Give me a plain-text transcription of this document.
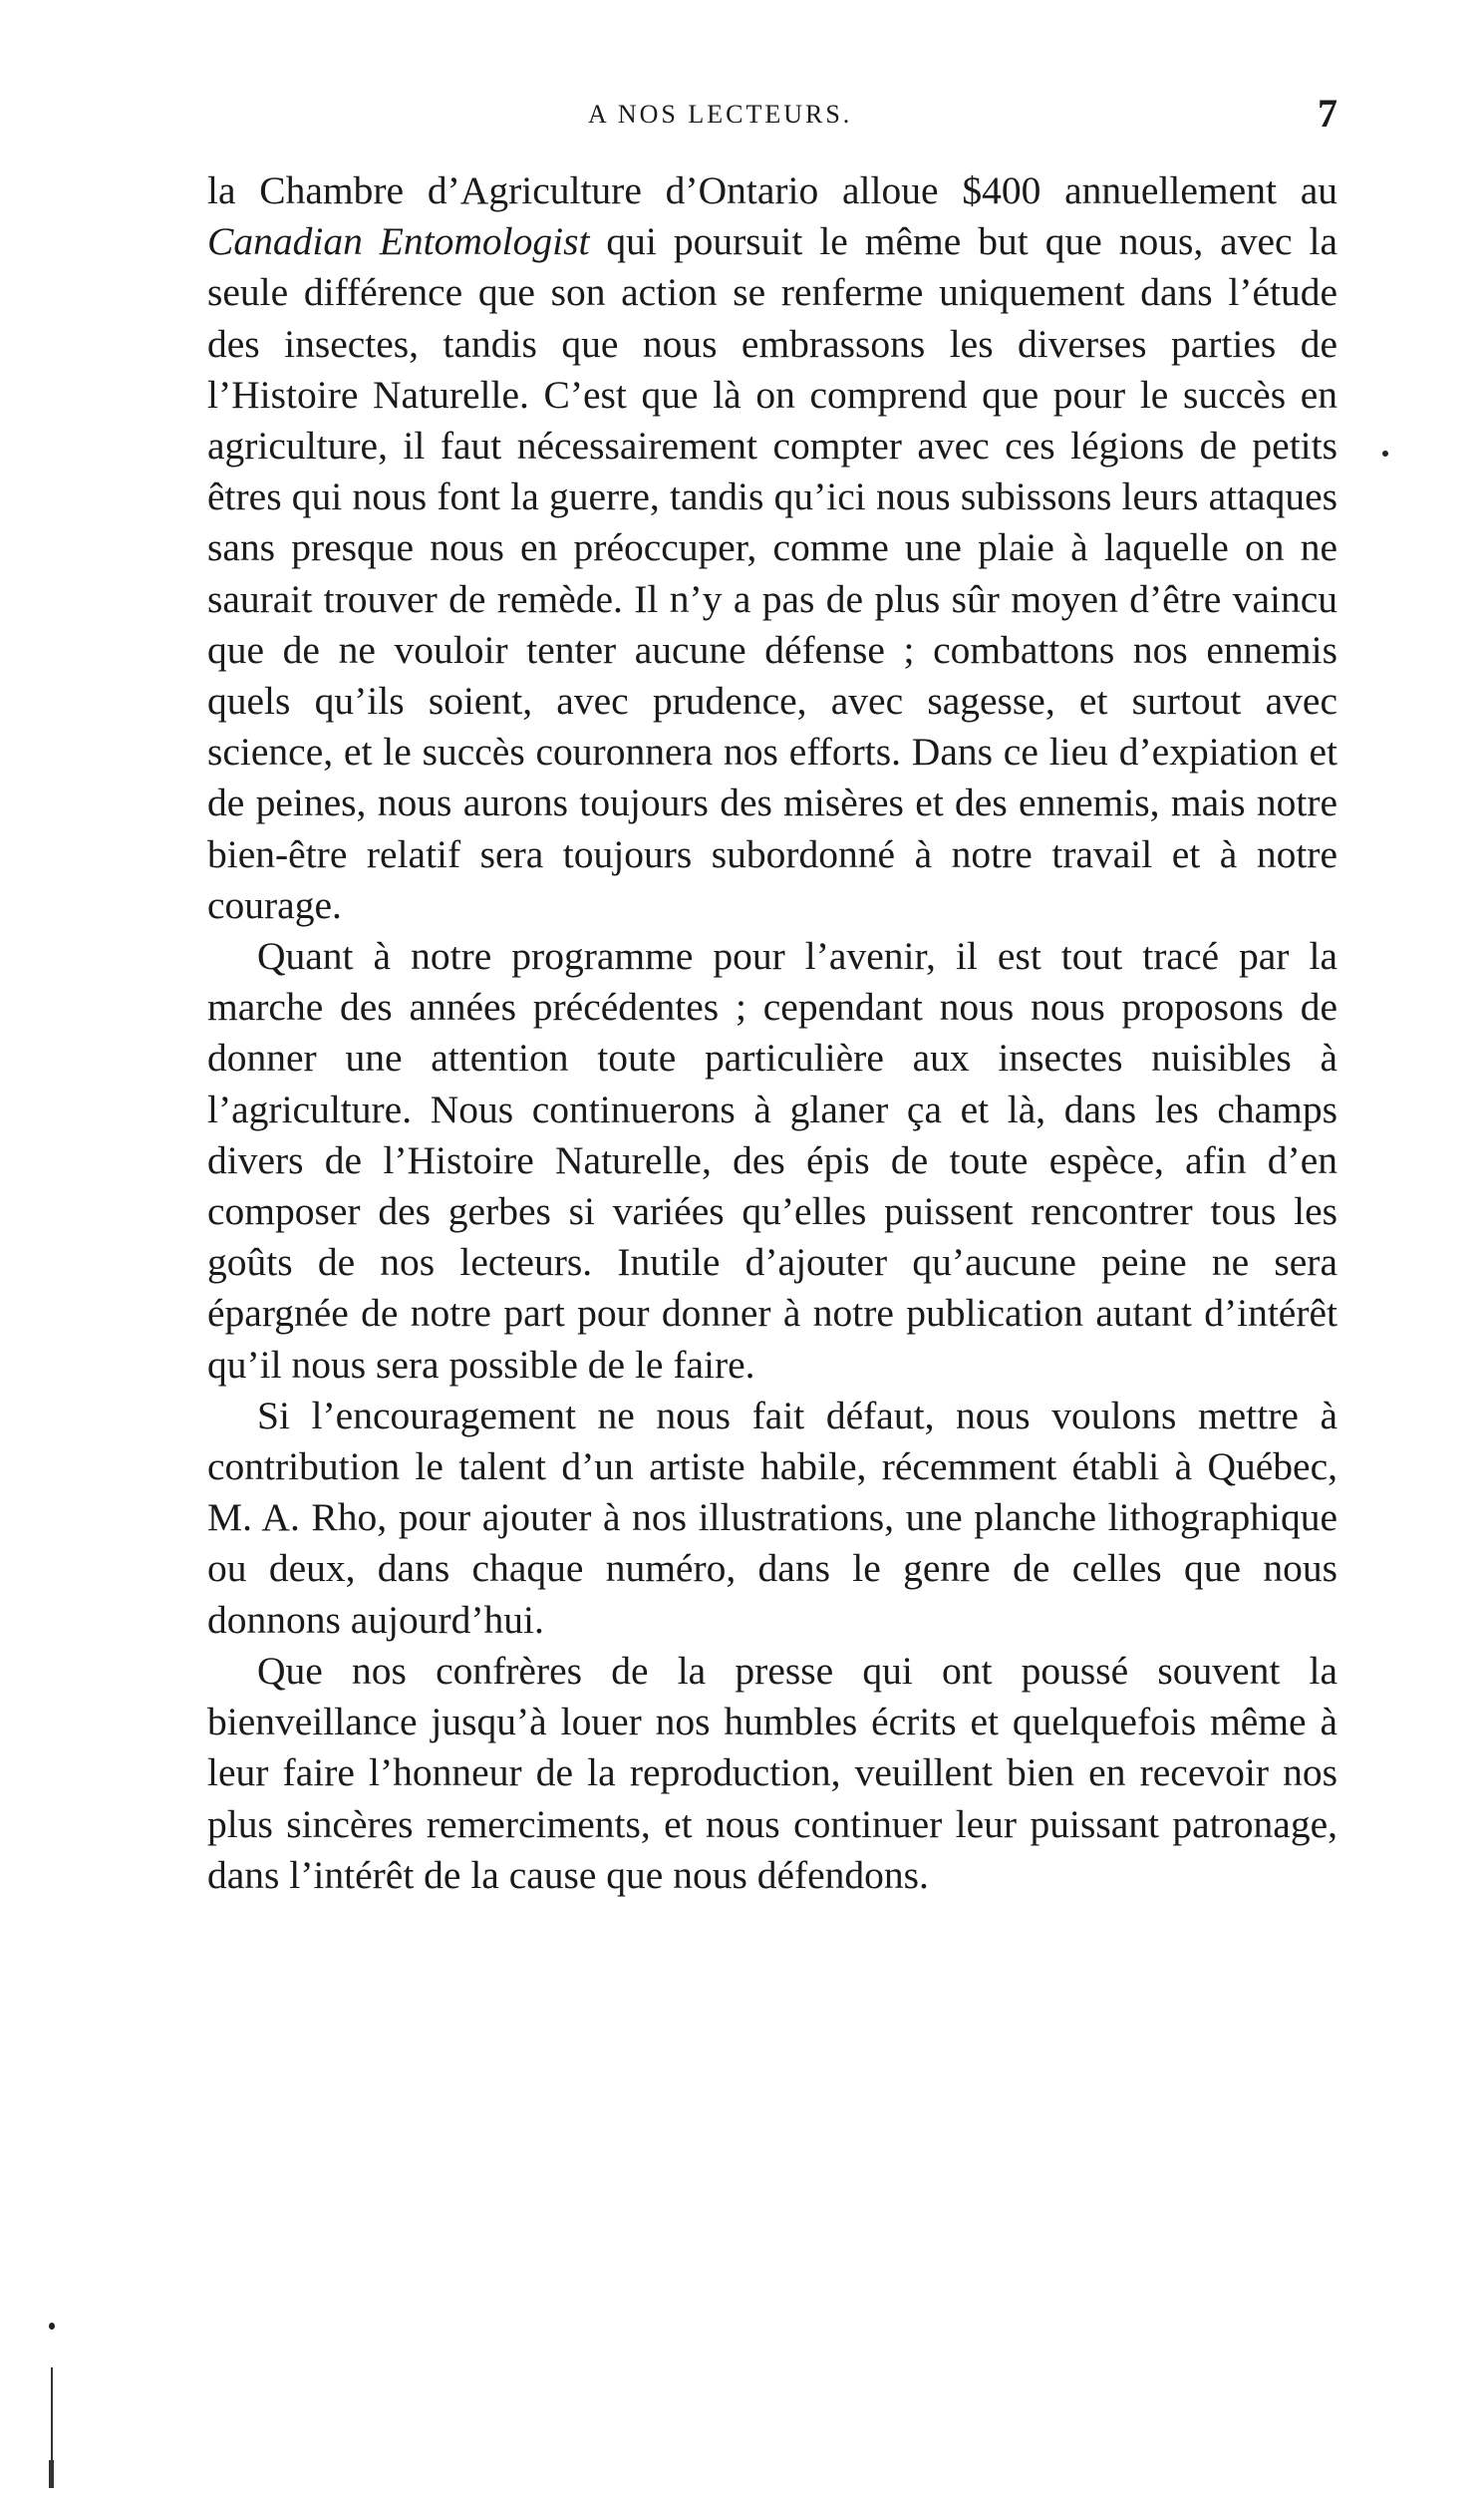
A NOS LECTEURS.	7

la Chambre d’Agriculture d’Ontario alloue $400 annuellement au Canadian Entomologist qui poursuit le même but que nous, avec la seule différence que son action se renferme uniquement dans l’étude des insectes, tandis que nous embrassons les diverses parties de l’Histoire Naturelle. C’est que là on comprend que pour le succès en agriculture, il faut nécessairement compter avec ces légions de petits êtres qui nous font la guerre, tandis qu’ici nous subissons leurs attaques sans presque nous en préoccuper, comme une plaie à laquelle on ne saurait trouver de remède. Il n’y a pas de plus sûr moyen d’être vaincu que de ne vouloir tenter aucune défense ; combattons nos ennemis quels qu’ils soient, avec prudence, avec sagesse, et surtout avec science, et le succès couronnera nos efforts. Dans ce lieu d’expiation et de peines, nous aurons toujours des misères et des ennemis, mais notre bien-être relatif sera toujours subordonné à notre travail et à notre courage.

Quant à notre programme pour l’avenir, il est tout tracé par la marche des années précédentes ; cependant nous nous proposons de donner une attention toute particulière aux insectes nuisibles à l’agriculture. Nous continuerons à glaner ça et là, dans les champs divers de l’Histoire Naturelle, des épis de toute espèce, afin d’en composer des gerbes si variées qu’elles puissent rencontrer tous les goûts de nos lecteurs. Inutile d’ajouter qu’aucune peine ne sera épargnée de notre part pour donner à notre publication autant d’intérêt qu’il nous sera possible de le faire.

Si l’encouragement ne nous fait défaut, nous voulons mettre à contribution le talent d’un artiste habile, récemment établi à Québec, M. A. Rho, pour ajouter à nos illustrations, une planche lithographique ou deux, dans chaque numéro, dans le genre de celles que nous donnons aujourd’hui.

Que nos confrères de la presse qui ont poussé souvent la bienveillance jusqu’à louer nos humbles écrits et quelquefois même à leur faire l’honneur de la reproduction, veuillent bien en recevoir nos plus sincères remerciments, et nous continuer leur puissant patronage, dans l’intérêt de la cause que nous défendons.
